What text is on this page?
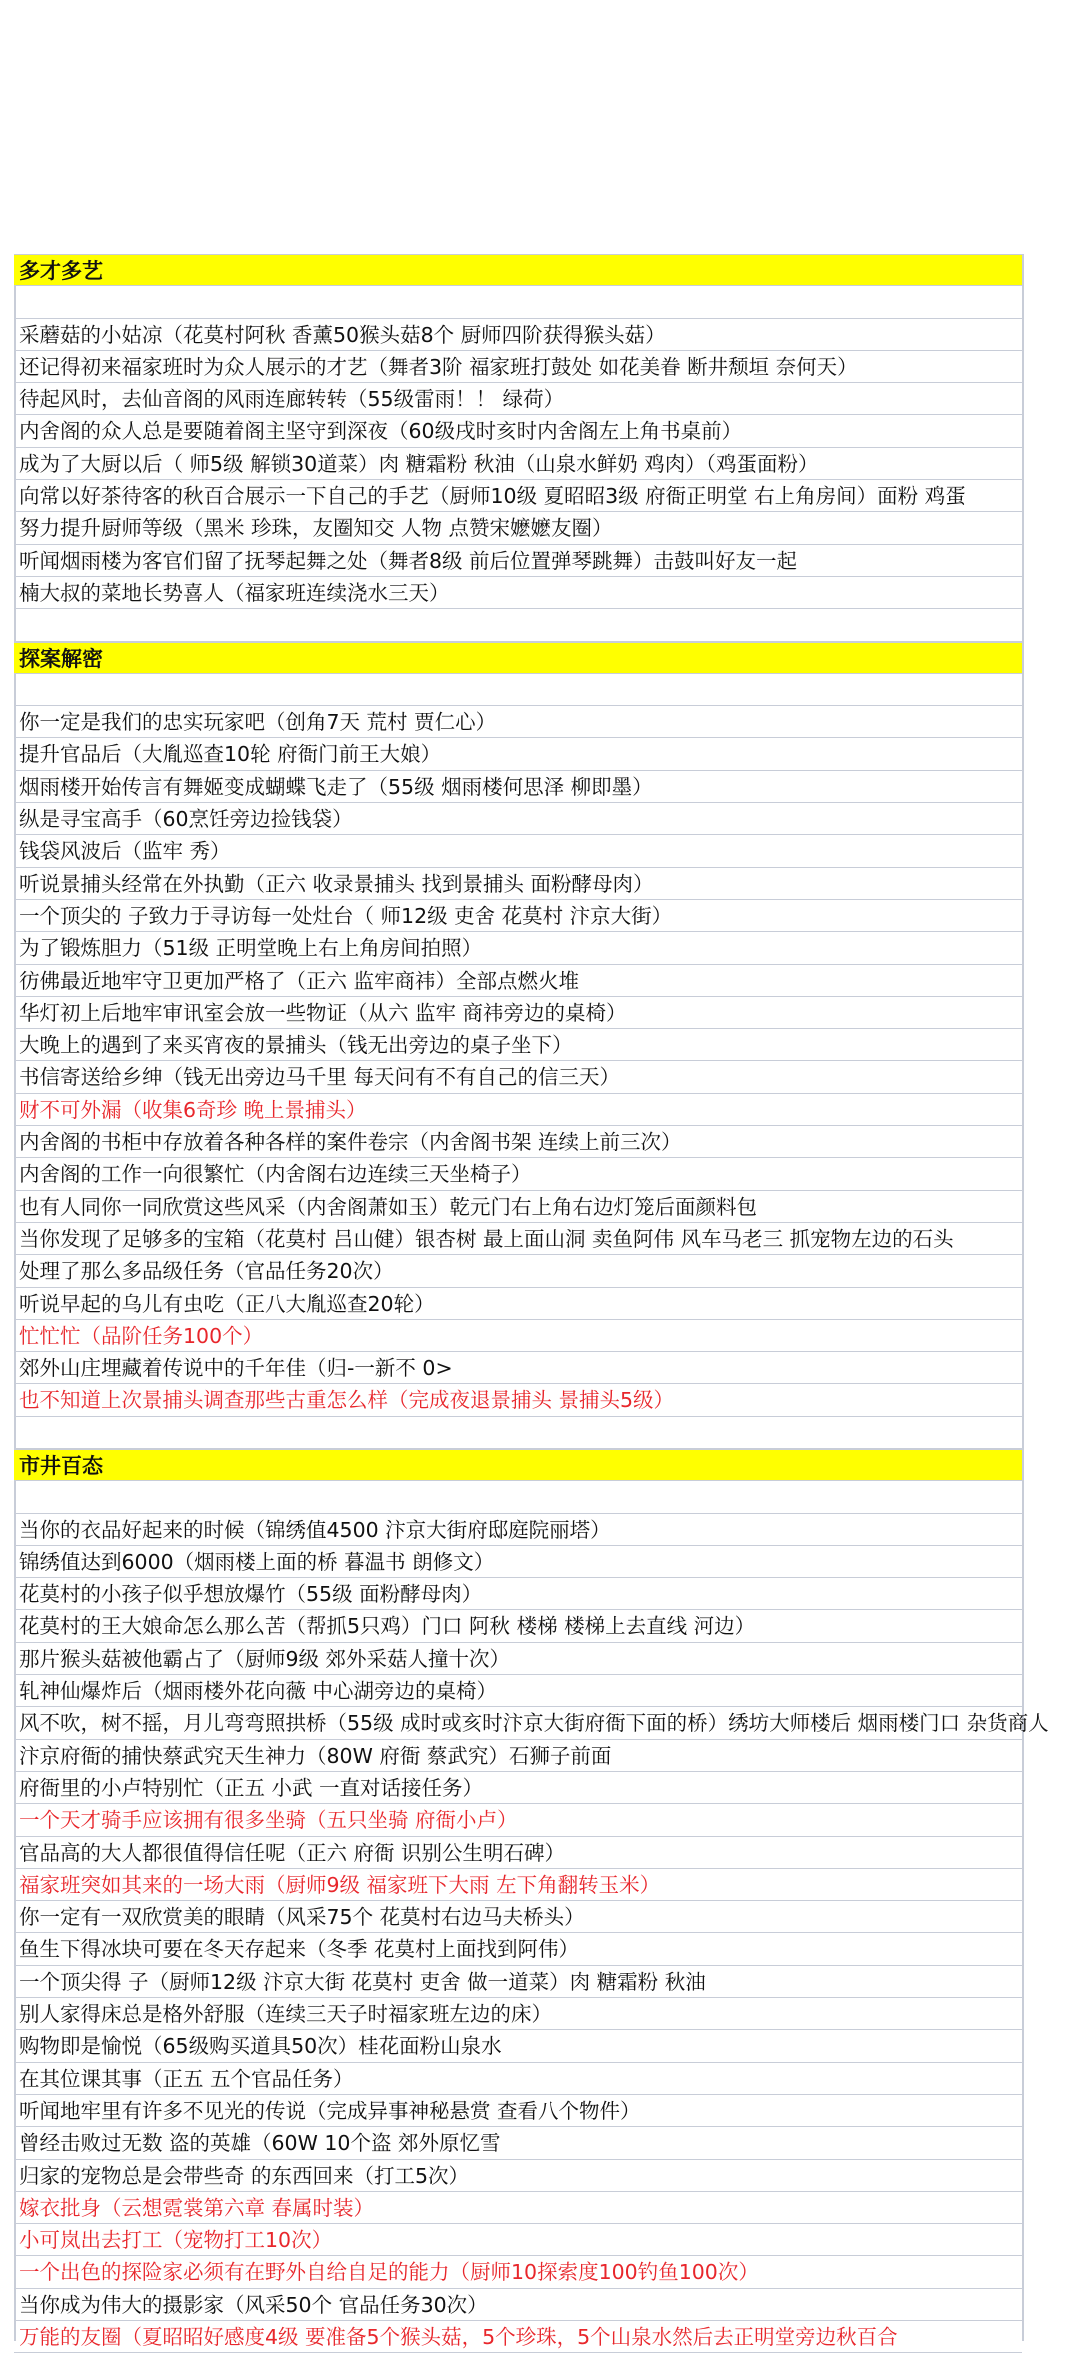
多才多艺
采蘑菇的小姑凉（花莫村阿秋 香薰50猴头菇8个 厨师四阶获得猴头菇）
还记得初来福家班时为众人展示的才艺（舞者3阶 福家班打鼓处 如花美眷 断井颓垣 奈何天）
待起风时，去仙音阁的风雨连廊转转（55级雷雨！！ 绿荷）
内舍阁的众人总是要随着阁主坚守到深夜（60级戌时亥时内舍阁左上角书桌前）
成为了大厨以后（ 师5级 解锁30道菜）肉 糖霜粉 秋油（山泉水鲜奶 鸡肉）（鸡蛋面粉）
向常以好茶待客的秋百合展示一下自己的手艺（厨师10级 夏昭昭3级 府衙正明堂 右上角房间）面粉 鸡蛋
努力提升厨师等级（黑米 珍珠，友圈知交 人物 点赞宋嬷嬷友圈）
听闻烟雨楼为客官们留了抚琴起舞之处（舞者8级 前后位置弹琴跳舞）击鼓叫好友一起
楠大叔的菜地长势喜人（福家班连续浇水三天）
探案解密
你一定是我们的忠实玩家吧（创角7天 荒村 贾仁心）
提升官品后（大胤巡查10轮 府衙门前王大娘）
烟雨楼开始传言有舞姬变成蝴蝶飞走了（55级 烟雨楼何思泽 柳即墨）
纵是寻宝高手（60烹饪旁边捡钱袋）
钱袋风波后（监牢 秀）
听说景捕头经常在外执勤（正六 收录景捕头 找到景捕头 面粉酵母肉）
一个顶尖的 子致力于寻访每一处灶台（ 师12级 吏舍 花莫村 汴京大街）
为了锻炼胆力（51级 正明堂晚上右上角房间拍照）
彷佛最近地牢守卫更加严格了（正六 监牢商祎）全部点燃火堆
华灯初上后地牢审讯室会放一些物证（从六 监牢 商祎旁边的桌椅）
大晚上的遇到了来买宵夜的景捕头（钱无出旁边的桌子坐下）
书信寄送给乡绅（钱无出旁边马千里 每天问有不有自己的信三天）
财不可外漏（收集6奇珍 晚上景捕头）
内舍阁的书柜中存放着各种各样的案件卷宗（内舍阁书架 连续上前三次）
内舍阁的工作一向很繁忙（内舍阁右边连续三天坐椅子）
也有人同你一同欣赏这些风采（内舍阁萧如玉）乾元门右上角右边灯笼后面颜料包
当你发现了足够多的宝箱（花莫村 吕山健）银杏树 最上面山洞 卖鱼阿伟 风车马老三 抓宠物左边的石头
处理了那么多品级任务（官品任务20次）
听说早起的乌儿有虫吃（正八大胤巡查20轮）
忙忙忙（品阶任务100个）
郊外山庄埋藏着传说中的千年佳（归-一新不 0>
也不知道上次景捕头调查那些古重怎么样（完成夜退景捕头 景捕头5级）
市井百态
当你的衣品好起来的时候（锦绣值4500 汴京大街府邸庭院丽塔）
锦绣值达到6000（烟雨楼上面的桥 暮温书 朗修文）
花莫村的小孩子似乎想放爆竹（55级 面粉酵母肉）
花莫村的王大娘命怎么那么苦（帮抓5只鸡）门口 阿秋 楼梯 楼梯上去直线 河边）
那片猴头菇被他霸占了（厨师9级 郊外采菇人撞十次）
轧神仙爆炸后（烟雨楼外花向薇 中心湖旁边的桌椅）
风不吹，树不摇，月儿弯弯照拱桥（55级 成时或亥时汴京大街府衙下面的桥）绣坊大师楼后 烟雨楼门口 杂货商人
汴京府衙的捕快蔡武究天生神力（80W 府衙 蔡武究）石狮子前面
府衙里的小卢特别忙（正五 小武 一直对话接任务）
一个天才骑手应该拥有很多坐骑（五只坐骑 府衙小卢）
官品高的大人都很值得信任呢（正六 府衙 识别公生明石碑）
福家班突如其来的一场大雨（厨师9级 福家班下大雨 左下角翻转玉米）
你一定有一双欣赏美的眼睛（风采75个 花莫村右边马夫桥头）
鱼生下得冰块可要在冬天存起来（冬季 花莫村上面找到阿伟）
一个顶尖得 子（厨师12级 汴京大街 花莫村 吏舍 做一道菜）肉 糖霜粉 秋油
别人家得床总是格外舒服（连续三天子时福家班左边的床）
购物即是愉悦（65级购买道具50次）桂花面粉山泉水
在其位课其事（正五 五个官品任务）
听闻地牢里有许多不见光的传说（完成异事神秘悬赏 查看八个物件）
曾经击败过无数 盗的英雄（60W 10个盗 郊外原忆雪
归家的宠物总是会带些奇 的东西回来（打工5次）
嫁衣批身（云想霓裳第六章 春属时装）
小可岚出去打工（宠物打工10次）
一个出色的探险家必须有在野外自给自足的能力（厨师10探索度100钓鱼100次）
当你成为伟大的摄影家（风采50个 官品任务30次）
万能的友圈（夏昭昭好感度4级 要准备5个猴头菇，5个珍珠，5个山泉水然后去正明堂旁边秋百合
